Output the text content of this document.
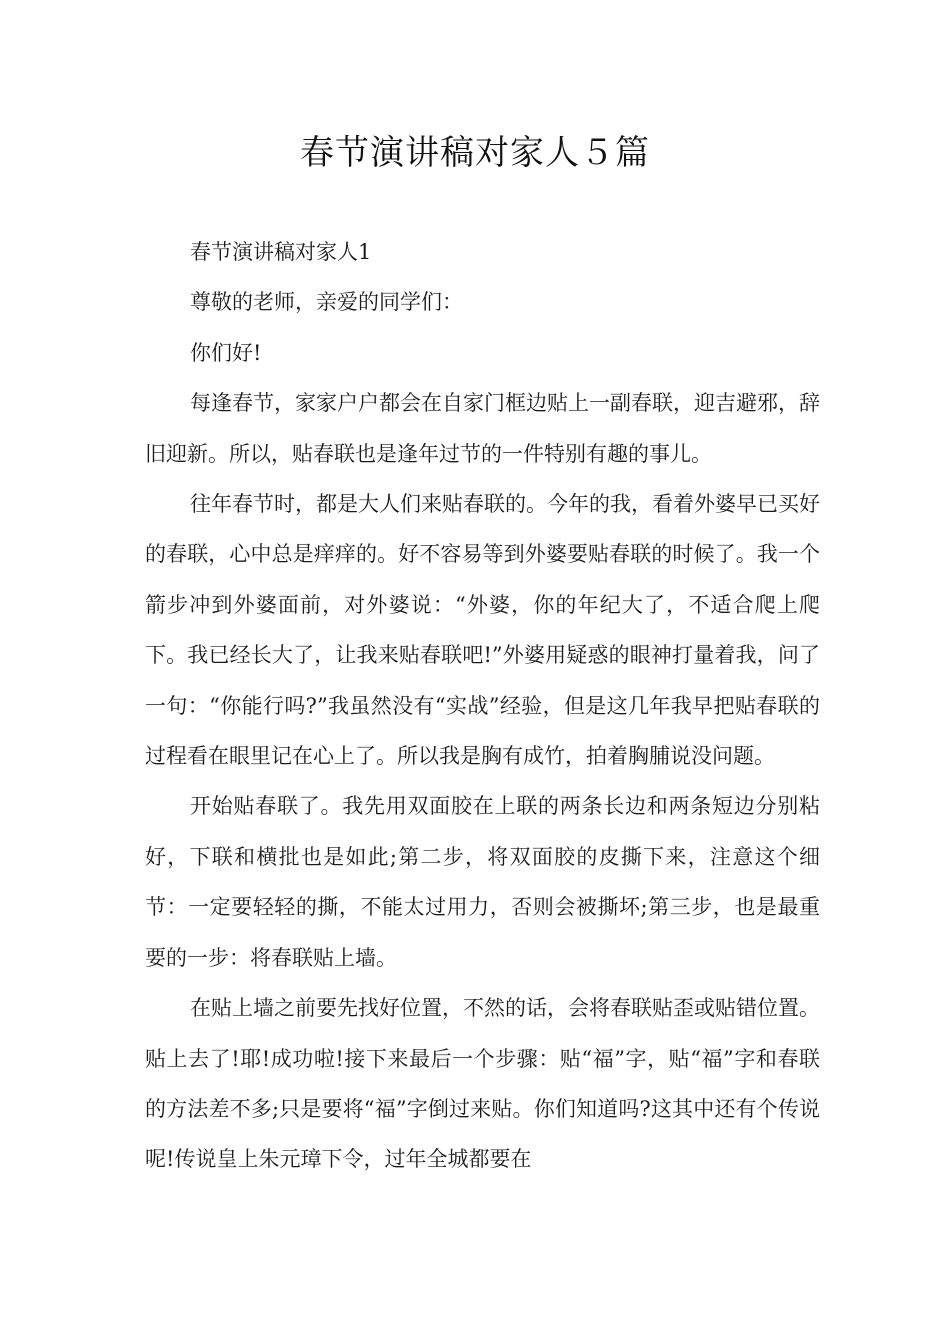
春节演讲稿对家人５篇

春节演讲稿对家人1

尊敬的老师，亲爱的同学们：

你们好!

每逢春节，家家户户都会在自家门框边贴上一副春联，迎吉避邪，辞旧迎新。所以，贴春联也是逢年过节的一件特别有趣的事儿。

往年春节时，都是大人们来贴春联的。今年的我，看着外婆早已买好的春联，心中总是痒痒的。好不容易等到外婆要贴春联的时候了。我一个箭步冲到外婆面前，对外婆说：“外婆，你的年纪大了，不适合爬上爬下。我已经长大了，让我来贴春联吧!”外婆用疑惑的眼神打量着我，问了一句：“你能行吗?”我虽然没有“实战”经验，但是这几年我早把贴春联的过程看在眼里记在心上了。所以我是胸有成竹，拍着胸脯说没问题。

开始贴春联了。我先用双面胶在上联的两条长边和两条短边分别粘好，下联和横批也是如此;第二步，将双面胶的皮撕下来，注意这个细节：一定要轻轻的撕，不能太过用力，否则会被撕坏;第三步，也是最重要的一步：将春联贴上墙。

在贴上墙之前要先找好位置，不然的话，会将春联贴歪或贴错位置。贴上去了!耶!成功啦!接下来最后一个步骤：贴“福”字，贴“福”字和春联的方法差不多;只是要将“福”字倒过来贴。你们知道吗?这其中还有个传说呢!传说皇上朱元璋下令，过年全城都要在
